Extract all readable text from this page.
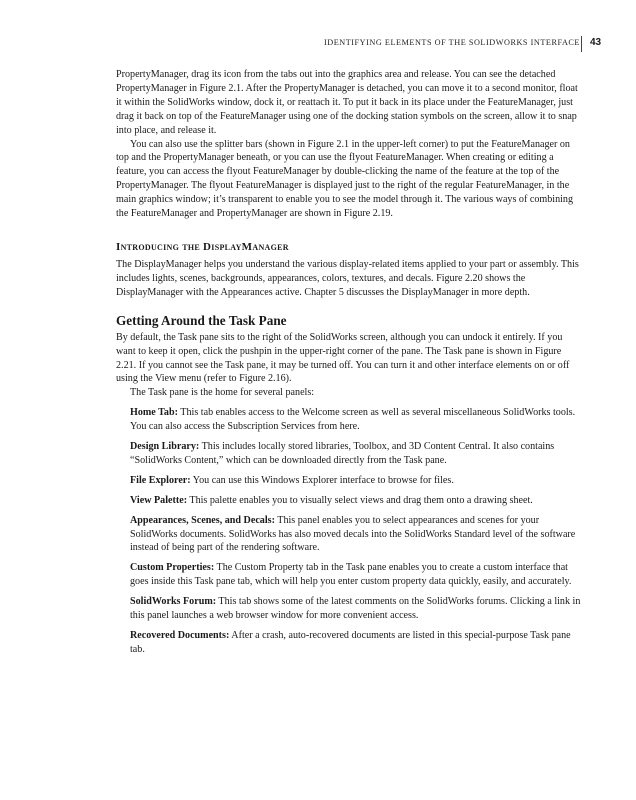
IDENTIFYING ELEMENTS OF THE SOLIDWORKS INTERFACE 43

PropertyManager, drag its icon from the tabs out into the graphics area and release. You can see the detached PropertyManager in Figure 2.1. After the PropertyManager is detached, you can move it to a second monitor, float it within the SolidWorks window, dock it, or reattach it. To put it back in its place under the FeatureManager, just drag it back on top of the FeatureManager using one of the docking station symbols on the screen, allow it to snap into place, and release it.

You can also use the splitter bars (shown in Figure 2.1 in the upper-left corner) to put the FeatureManager on top and the PropertyManager beneath, or you can use the flyout FeatureManager. When creating or editing a feature, you can access the flyout FeatureManager by double-clicking the name of the feature at the top of the PropertyManager. The flyout FeatureManager is displayed just to the right of the regular FeatureManager, in the main graphics window; it’s transparent to enable you to see the model through it. The various ways of combining the FeatureManager and PropertyManager are shown in Figure 2.19.

Introducing the DisplayManager

The DisplayManager helps you understand the various display-related items applied to your part or assembly. This includes lights, scenes, backgrounds, appearances, colors, textures, and decals. Figure 2.20 shows the DisplayManager with the Appearances active. Chapter 5 discusses the DisplayManager in more depth.

Getting Around the Task Pane

By default, the Task pane sits to the right of the SolidWorks screen, although you can undock it entirely. If you want to keep it open, click the pushpin in the upper-right corner of the pane. The Task pane is shown in Figure 2.21. If you cannot see the Task pane, it may be turned off. You can turn it and other interface elements on or off using the View menu (refer to Figure 2.16).

The Task pane is the home for several panels:

Home Tab: This tab enables access to the Welcome screen as well as several miscellaneous SolidWorks tools. You can also access the Subscription Services from here.

Design Library: This includes locally stored libraries, Toolbox, and 3D Content Central. It also contains “SolidWorks Content,” which can be downloaded directly from the Task pane.

File Explorer: You can use this Windows Explorer interface to browse for files.

View Palette: This palette enables you to visually select views and drag them onto a drawing sheet.

Appearances, Scenes, and Decals: This panel enables you to select appearances and scenes for your SolidWorks documents. SolidWorks has also moved decals into the SolidWorks Standard level of the software instead of being part of the rendering software.

Custom Properties: The Custom Property tab in the Task pane enables you to create a custom interface that goes inside this Task pane tab, which will help you enter custom property data quickly, easily, and accurately.

SolidWorks Forum: This tab shows some of the latest comments on the SolidWorks forums. Clicking a link in this panel launches a web browser window for more convenient access.

Recovered Documents: After a crash, auto-recovered documents are listed in this special-purpose Task pane tab.
